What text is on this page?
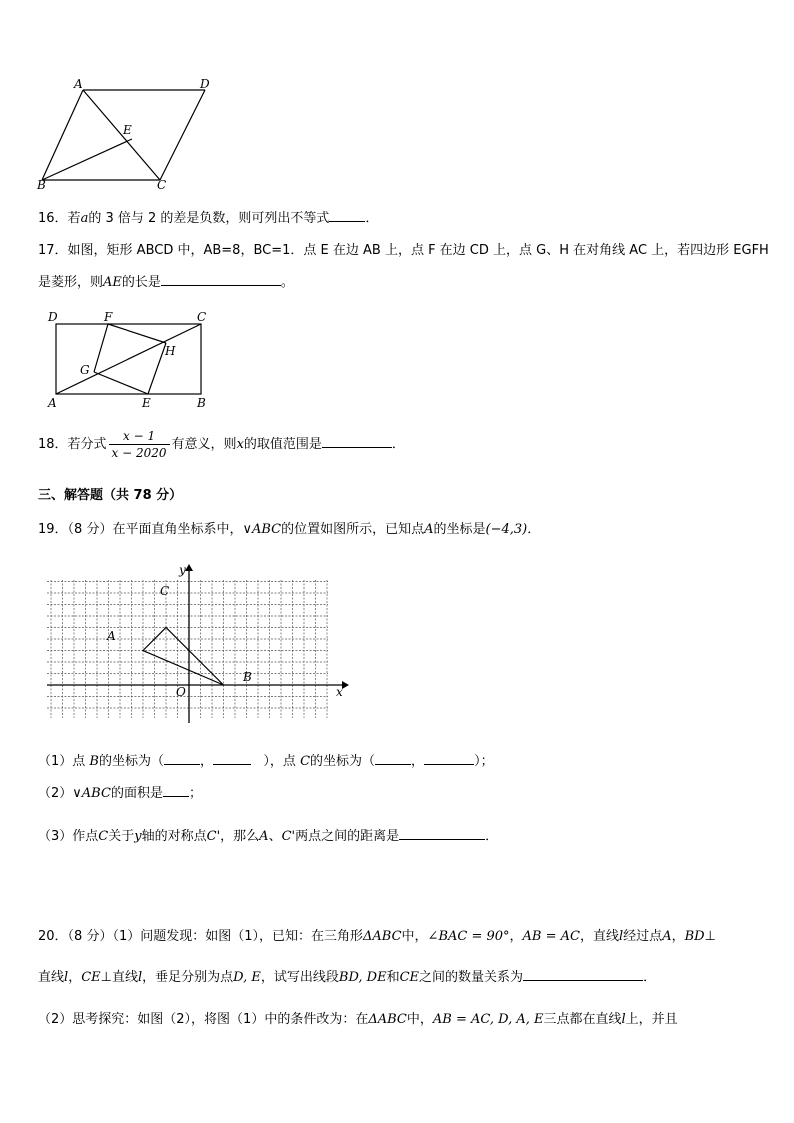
A	D
E
B	C
16．若a的 3 倍与 2 的差是负数，则可列出不等式	．
17．如图，矩形 ABCD 中，AB=8，BC=1．点 E 在边 AB 上，点 F 在边 CD 上，点 G、H 在对角线 AC 上，若四边形 EGFH
是菱形，则AE的长是	。
D	F	C
H
G
A	E	B
18．若分式 $\frac{x - 1}{x - 2020}$ 有意义，则x的取值范围是	．
三、解答题（共 78 分）
19．（8 分）在平面直角坐标系中，∨ABC的位置如图所示，已知点A的坐标是(−4,3)．
y
x
O
A
B
C
（1）点 B的坐标为（	，	），点 C的坐标为（	，	）；
（2）∨ABC的面积是 ；
（3）作点C关于y轴的对称点C'，那么A、C'两点之间的距离是	．
20．（8 分）（1）问题发现：如图（1），已知：在三角形ΔABC中，∠BAC = 90°，AB = AC，直线l经过点A，BD⊥
直线l，CE⊥直线l，垂足分别为点D, E，试写出线段BD, DE和CE之间的数量关系为	．
（2）思考探究：如图（2），将图（1）中的条件改为：在ΔABC中，AB = AC, D, A, E三点都在直线l上，并且
